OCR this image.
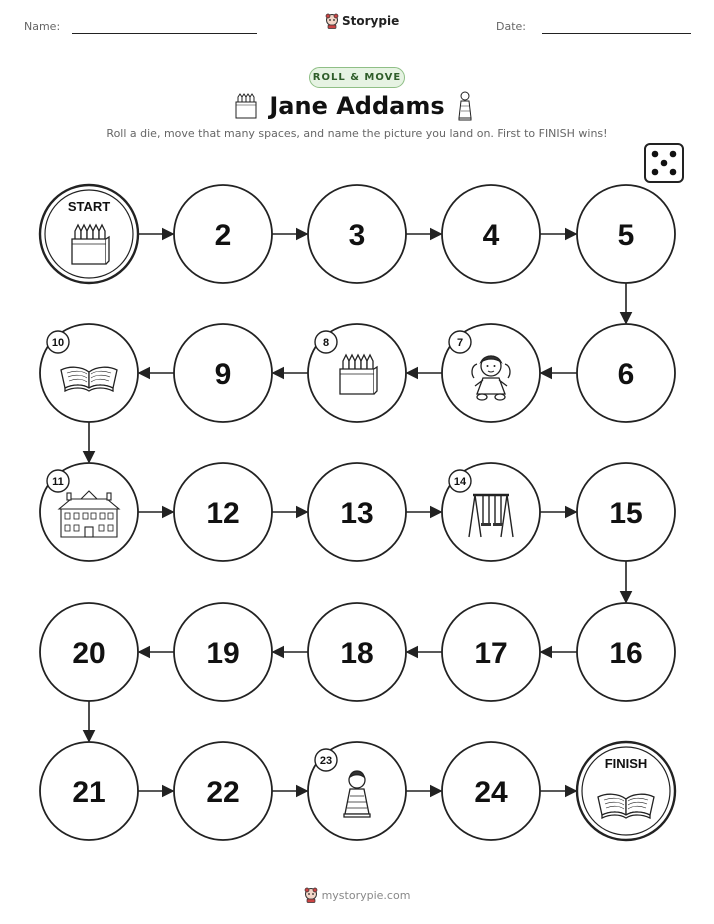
Name:	Date:
Storypie
ROLL & MOVE
Jane Addams
Roll a die, move that many spaces, and name the picture you land on. First to FINISH wins!
START
2	3	4	5
6
7
8
9
10
11
12	13
14
15
16
17
18
19
20
21	22
23
24
FINISH
mystorypie.com
